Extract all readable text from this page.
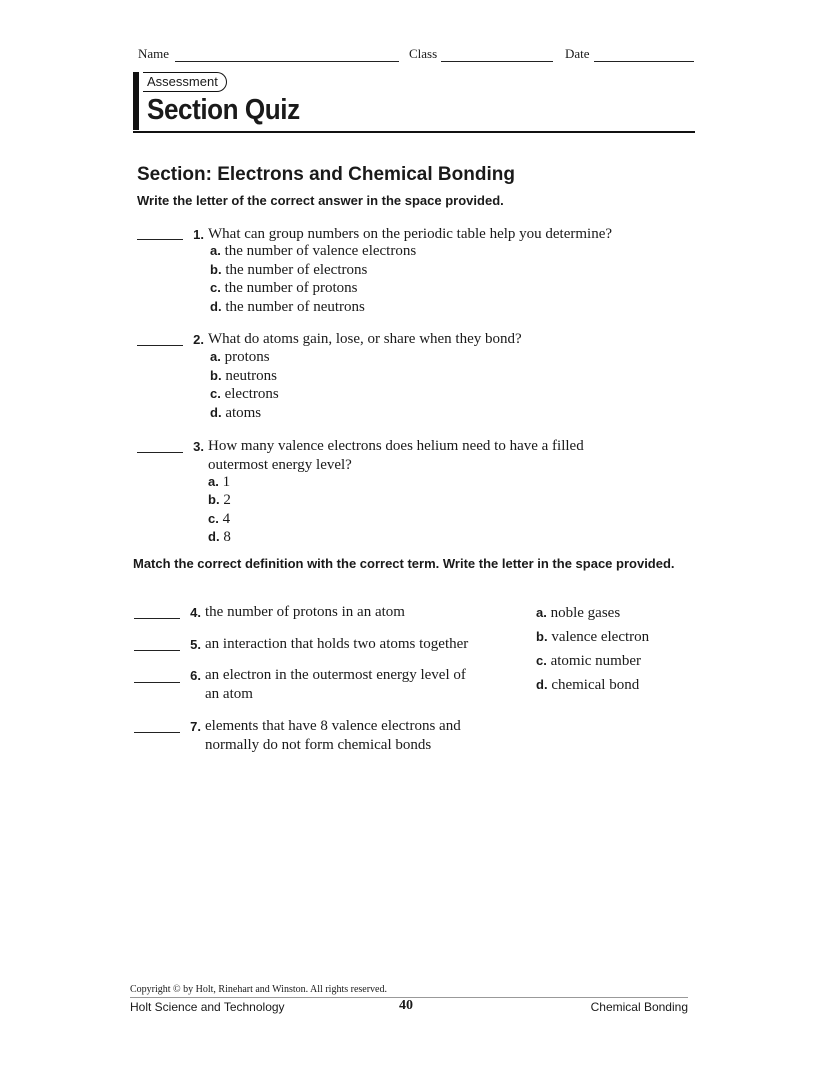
Name	Class	Date
Assessment
Section Quiz
Section: Electrons and Chemical Bonding
Write the letter of the correct answer in the space provided.
1. What can group numbers on the periodic table help you determine?
a. the number of valence electrons
b. the number of electrons
c. the number of protons
d. the number of neutrons
2. What do atoms gain, lose, or share when they bond?
a. protons
b. neutrons
c. electrons
d. atoms
3. How many valence electrons does helium need to have a filled
outermost energy level?
a. 1
b. 2
c. 4
d. 8
Match the correct definition with the correct term. Write the letter in the space provided.
4. the number of protons in an atom
5. an interaction that holds two atoms together
6. an electron in the outermost energy level of
an atom
7. elements that have 8 valence electrons and
normally do not form chemical bonds
a. noble gases
b. valence electron
c. atomic number
d. chemical bond
Copyright © by Holt, Rinehart and Winston. All rights reserved.
Holt Science and Technology	40	Chemical Bonding
